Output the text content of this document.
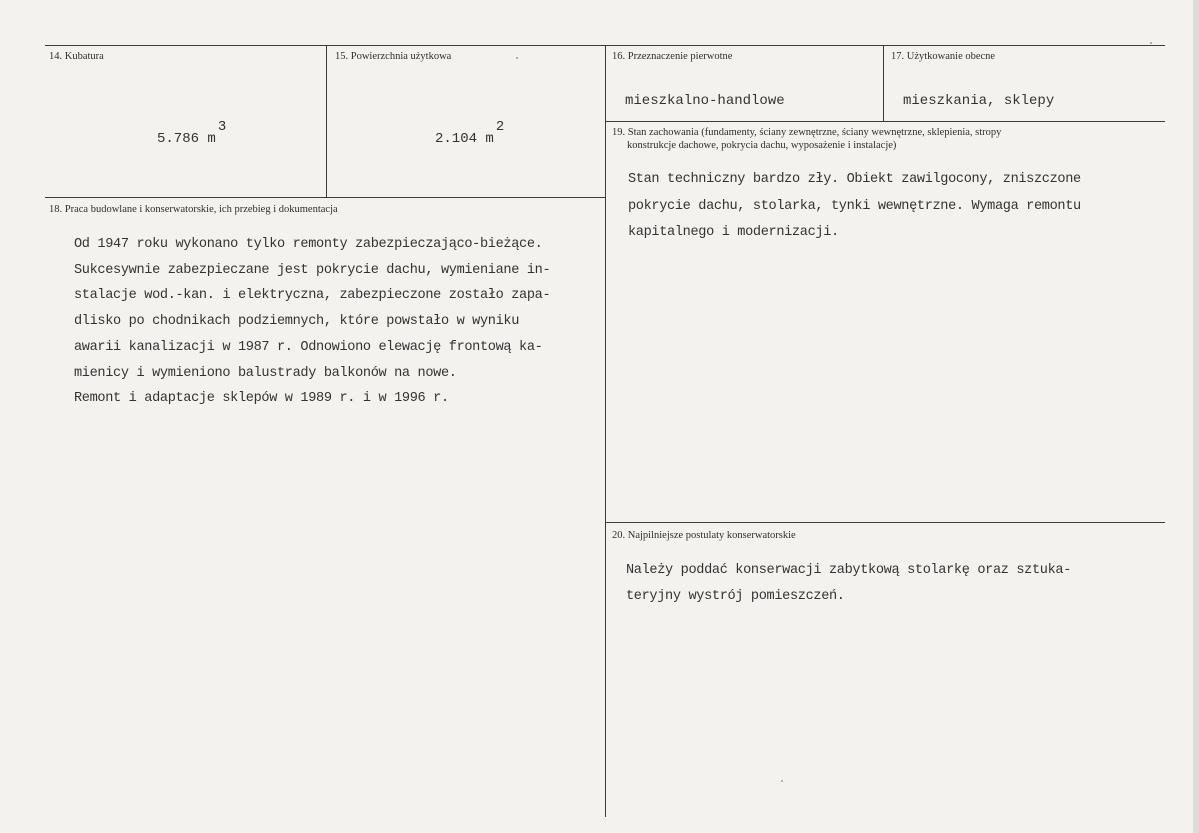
14. Kubatura
5.786 m3
15. Powierzchnia użytkowa
2.104 m2
16. Przeznaczenie pierwotne
mieszkalno-handlowe
17. Użytkowanie obecne
mieszkania, sklepy
18. Praca budowlane i konserwatorskie, ich przebieg i dokumentacja
Od 1947 roku wykonano tylko remonty zabezpieczająco-bieżące.
Sukcesywnie zabezpieczane jest pokrycie dachu, wymieniane in-
stalacje wod.-kan. i elektryczna, zabezpieczone zostało zapa-
dlisko po chodnikach podziemnych, które powstało w wyniku
awarii kanalizacji w 1987 r. Odnowiono elewację frontową ka-
mienicy i wymieniono balustrady balkonów na nowe.
Remont i adaptacje sklepów w 1989 r. i w 1996 r.
19. Stan zachowania (fundamenty, ściany zewnętrzne, ściany wewnętrzne, sklepienia, stropy
konstrukcje dachowe, pokrycia dachu, wyposażenie i instalacje)
Stan techniczny bardzo zły. Obiekt zawilgocony, zniszczone
pokrycie dachu, stolarka, tynki wewnętrzne. Wymaga remontu
kapitalnego i modernizacji.
20. Najpilniejsze postulaty konserwatorskie
Należy poddać konserwacji zabytkową stolarkę oraz sztuka-
teryjny wystrój pomieszczeń.
